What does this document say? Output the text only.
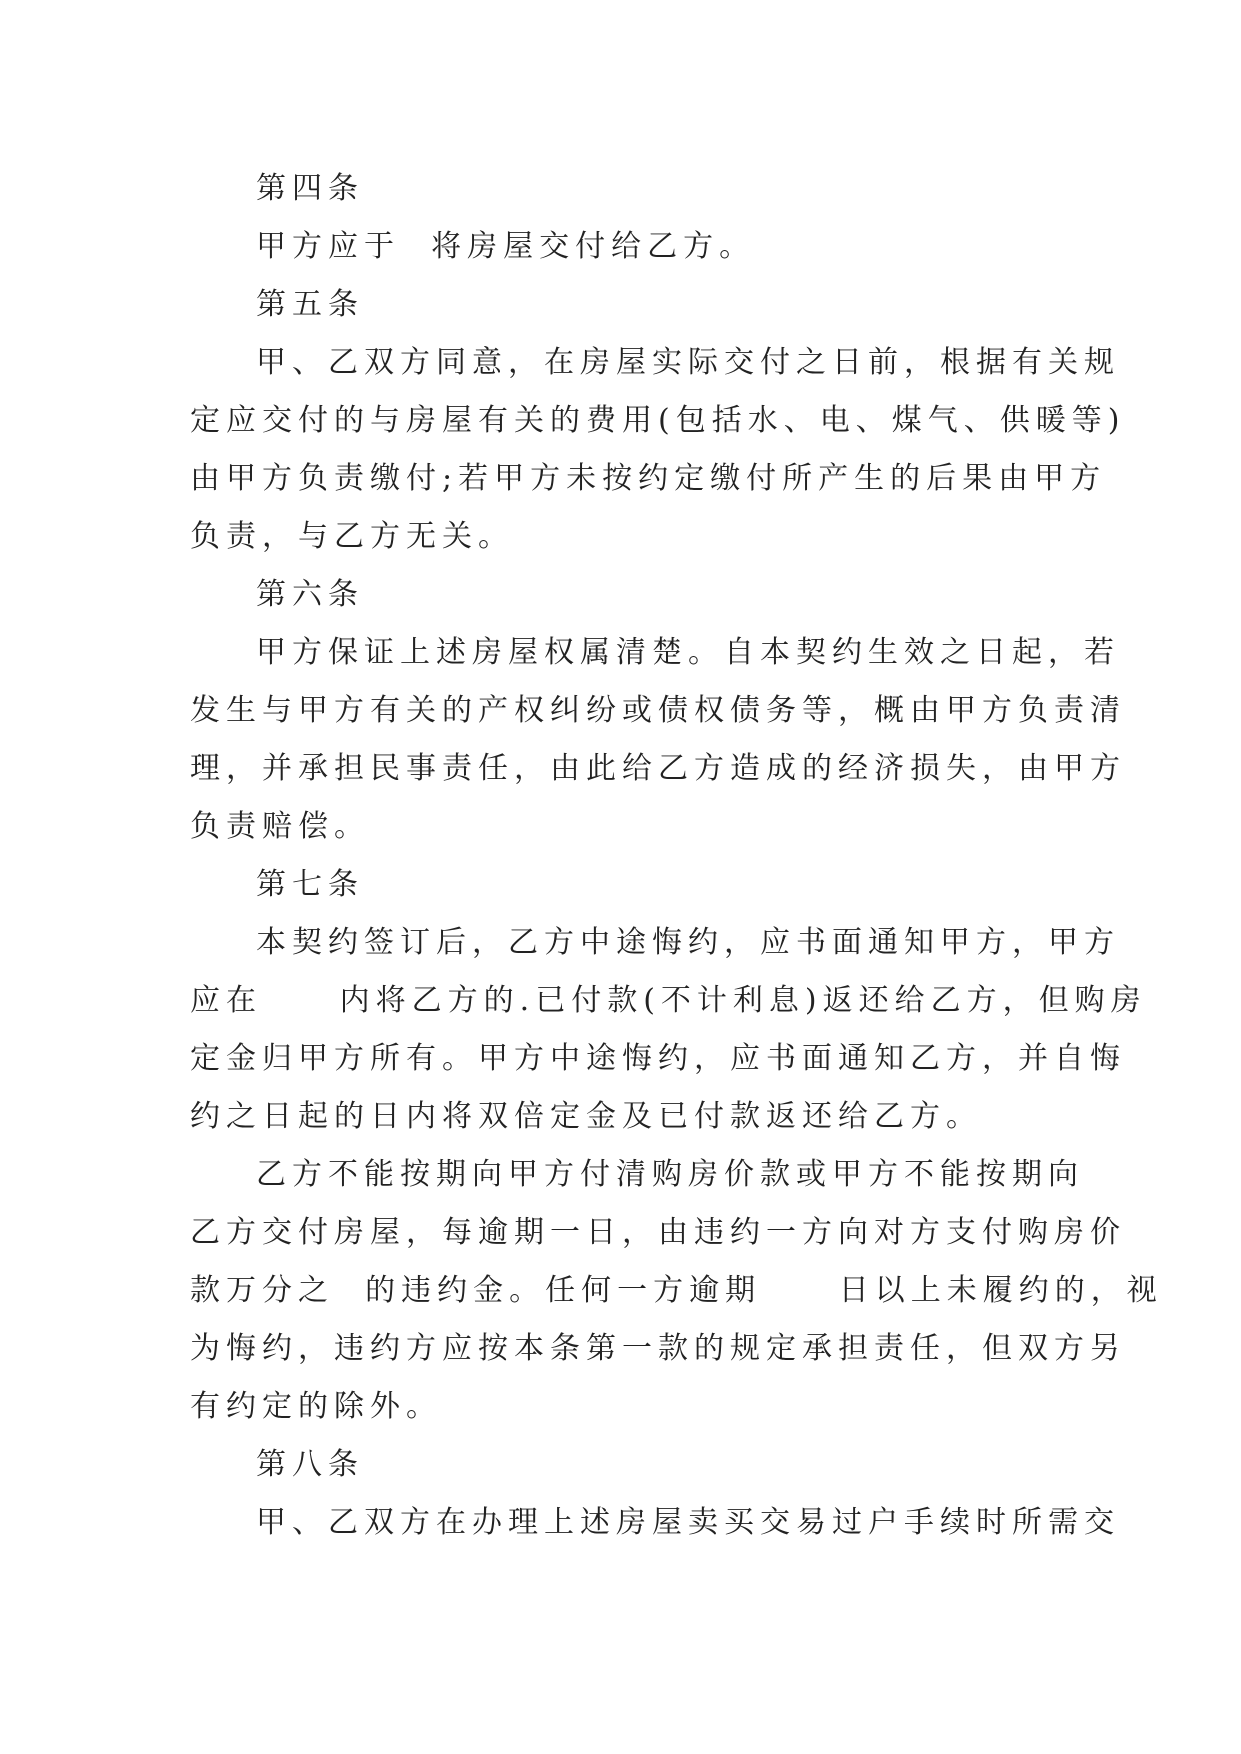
第四条
甲方应于  将房屋交付给乙方。
第五条
甲、乙双方同意，在房屋实际交付之日前，根据有关规
定应交付的与房屋有关的费用(包括水、电、煤气、供暖等)
由甲方负责缴付;若甲方未按约定缴付所产生的后果由甲方
负责，与乙方无关。
第六条
甲方保证上述房屋权属清楚。自本契约生效之日起，若
发生与甲方有关的产权纠纷或债权债务等，概由甲方负责清
理，并承担民事责任，由此给乙方造成的经济损失，由甲方
负责赔偿。
第七条
本契约签订后，乙方中途悔约，应书面通知甲方，甲方
应在     内将乙方的.已付款(不计利息)返还给乙方，但购房
定金归甲方所有。甲方中途悔约，应书面通知乙方，并自悔
约之日起的日内将双倍定金及已付款返还给乙方。
乙方不能按期向甲方付清购房价款或甲方不能按期向
乙方交付房屋，每逾期一日，由违约一方向对方支付购房价
款万分之  的违约金。任何一方逾期     日以上未履约的，视
为悔约，违约方应按本条第一款的规定承担责任，但双方另
有约定的除外。
第八条
甲、乙双方在办理上述房屋卖买交易过户手续时所需交
